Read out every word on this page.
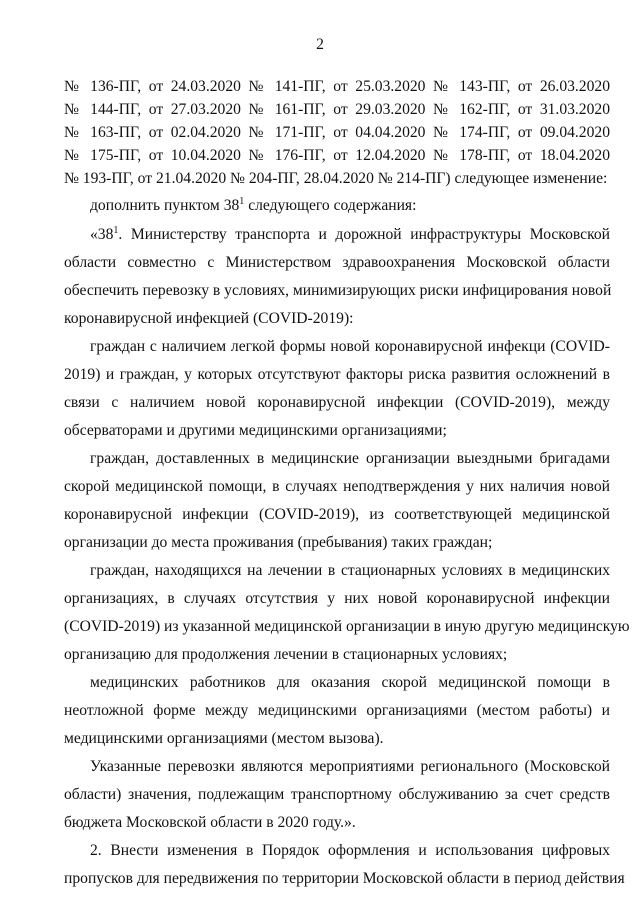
2
№ 136-ПГ, от 24.03.2020 № 141-ПГ, от 25.03.2020 № 143-ПГ, от 26.03.2020
№ 144-ПГ, от 27.03.2020 № 161-ПГ, от 29.03.2020 № 162-ПГ, от 31.03.2020
№ 163-ПГ, от 02.04.2020 № 171-ПГ, от 04.04.2020 № 174-ПГ, от 09.04.2020
№ 175-ПГ, от 10.04.2020 № 176-ПГ, от 12.04.2020 № 178-ПГ, от 18.04.2020
№ 193-ПГ, от 21.04.2020 № 204-ПГ, 28.04.2020 № 214-ПГ) следующее изменение:
дополнить пунктом $38^1$ следующего содержания:
«$38^1$. Министерству транспорта и дорожной инфраструктуры Московской
области совместно с Министерством здравоохранения Московской области
обеспечить перевозку в условиях, минимизирующих риски инфицирования новой
коронавирусной инфекцией (COVID-2019):
граждан с наличием легкой формы новой коронавирусной инфекци (COVID-
2019) и граждан, у которых отсутствуют факторы риска развития осложнений в
связи с наличием новой коронавирусной инфекции (COVID-2019), между
обсерваторами и другими медицинскими организациями;
граждан, доставленных в медицинские организации выездными бригадами
скорой медицинской помощи, в случаях неподтверждения у них наличия новой
коронавирусной инфекции (COVID-2019), из соответствующей медицинской
организации до места проживания (пребывания) таких граждан;
граждан, находящихся на лечении в стационарных условиях в медицинских
организациях, в случаях отсутствия у них новой коронавирусной инфекции
(COVID-2019) из указанной медицинской организации в иную другую медицинскую
организацию для продолжения лечении в стационарных условиях;
медицинских работников для оказания скорой медицинской помощи в
неотложной форме между медицинскими организациями (местом работы) и
медицинскими организациями (местом вызова).
Указанные перевозки являются мероприятиями регионального (Московской
области) значения, подлежащим транспортному обслуживанию за счет средств
бюджета Московской области в 2020 году.».
2. Внести изменения в Порядок оформления и использования цифровых
пропусков для передвижения по территории Московской области в период действия
